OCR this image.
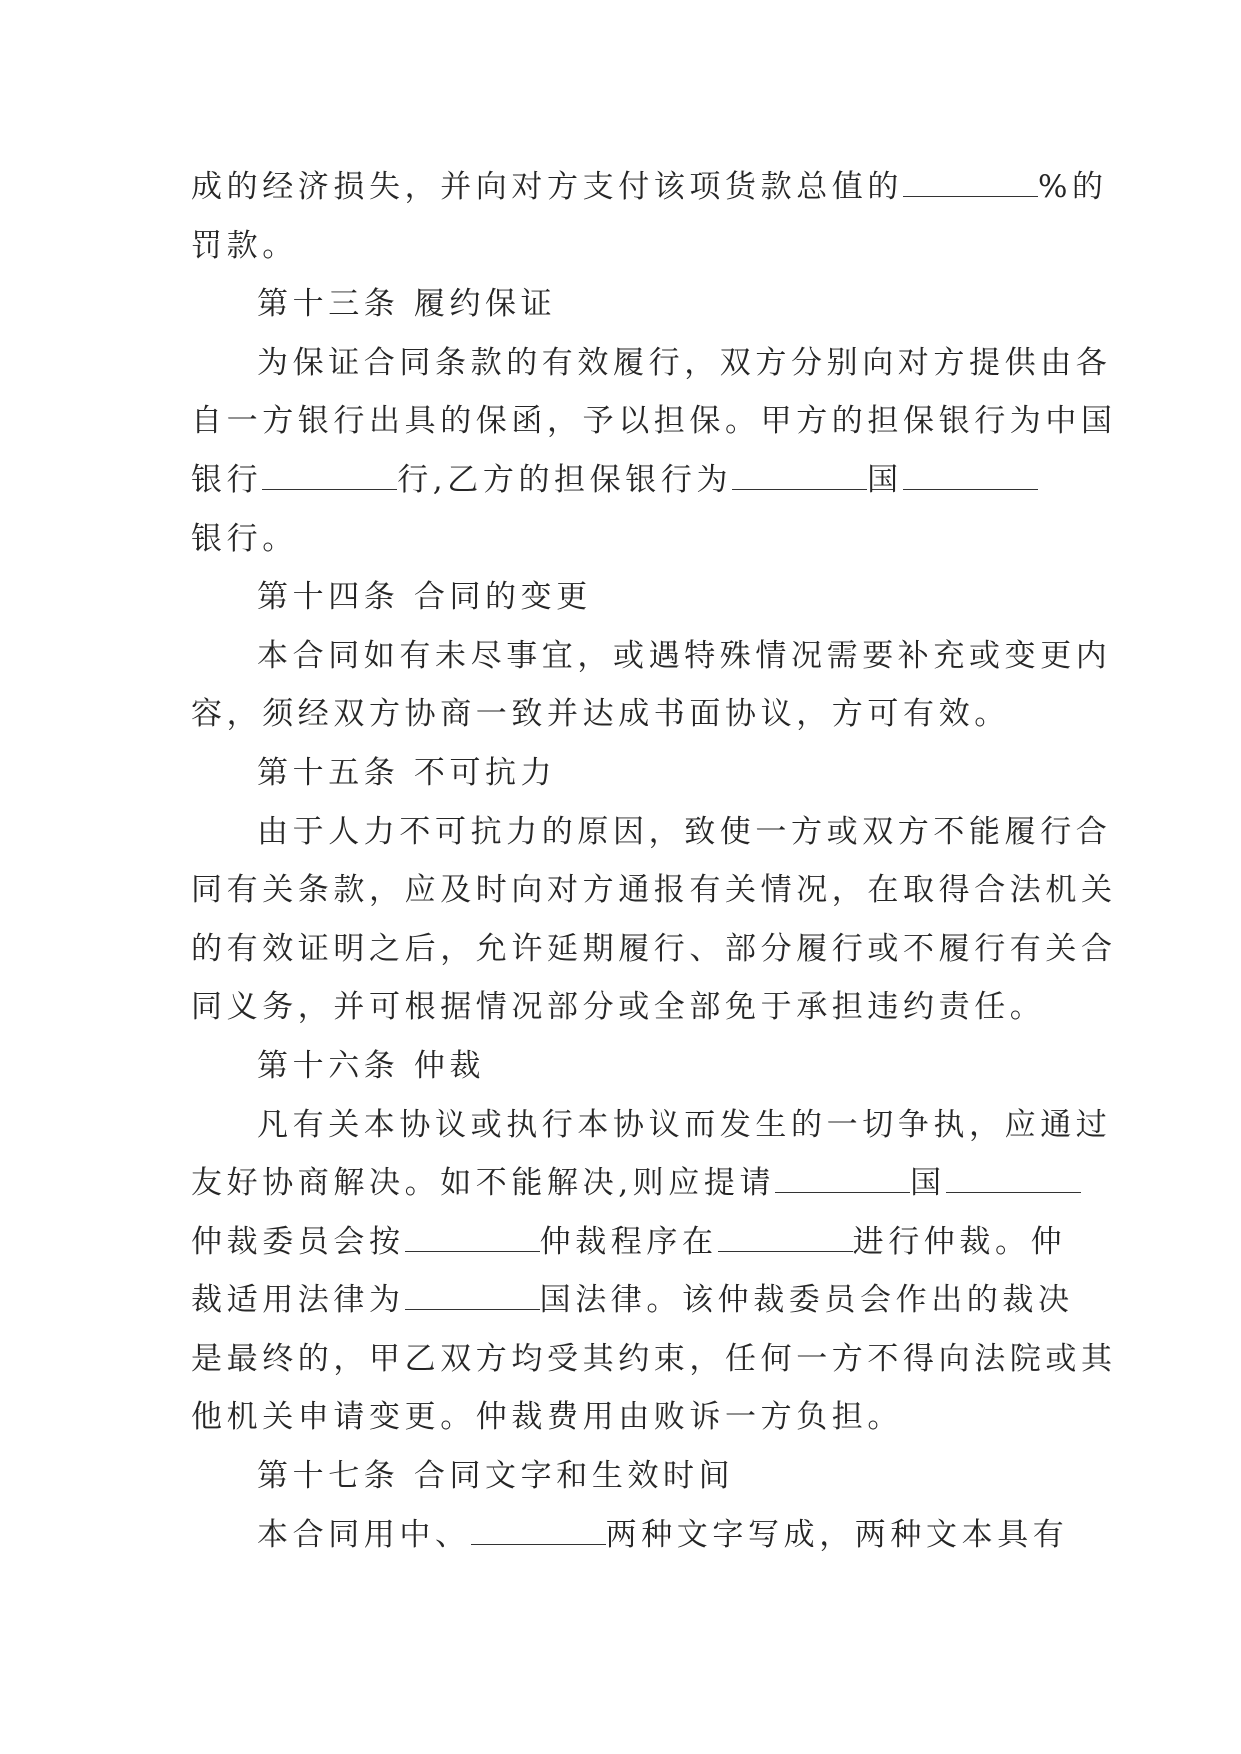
成的经济损失，并向对方支付该项货款总值的	%的
罚款。
第十三条 履约保证
为保证合同条款的有效履行，双方分别向对方提供由各
自一方银行出具的保函，予以担保。甲方的担保银行为中国
银行	行,乙方的担保银行为	国
银行。
第十四条 合同的变更
本合同如有未尽事宜，或遇特殊情况需要补充或变更内
容，须经双方协商一致并达成书面协议，方可有效。
第十五条 不可抗力
由于人力不可抗力的原因，致使一方或双方不能履行合
同有关条款，应及时向对方通报有关情况，在取得合法机关
的有效证明之后，允许延期履行、部分履行或不履行有关合
同义务，并可根据情况部分或全部免于承担违约责任。
第十六条 仲裁
凡有关本协议或执行本协议而发生的一切争执，应通过
友好协商解决。如不能解决,则应提请	国
仲裁委员会按	仲裁程序在	进行仲裁。仲
裁适用法律为	国法律。该仲裁委员会作出的裁决
是最终的，甲乙双方均受其约束，任何一方不得向法院或其
他机关申请变更。仲裁费用由败诉一方负担。
第十七条 合同文字和生效时间
本合同用中、	两种文字写成，两种文本具有
